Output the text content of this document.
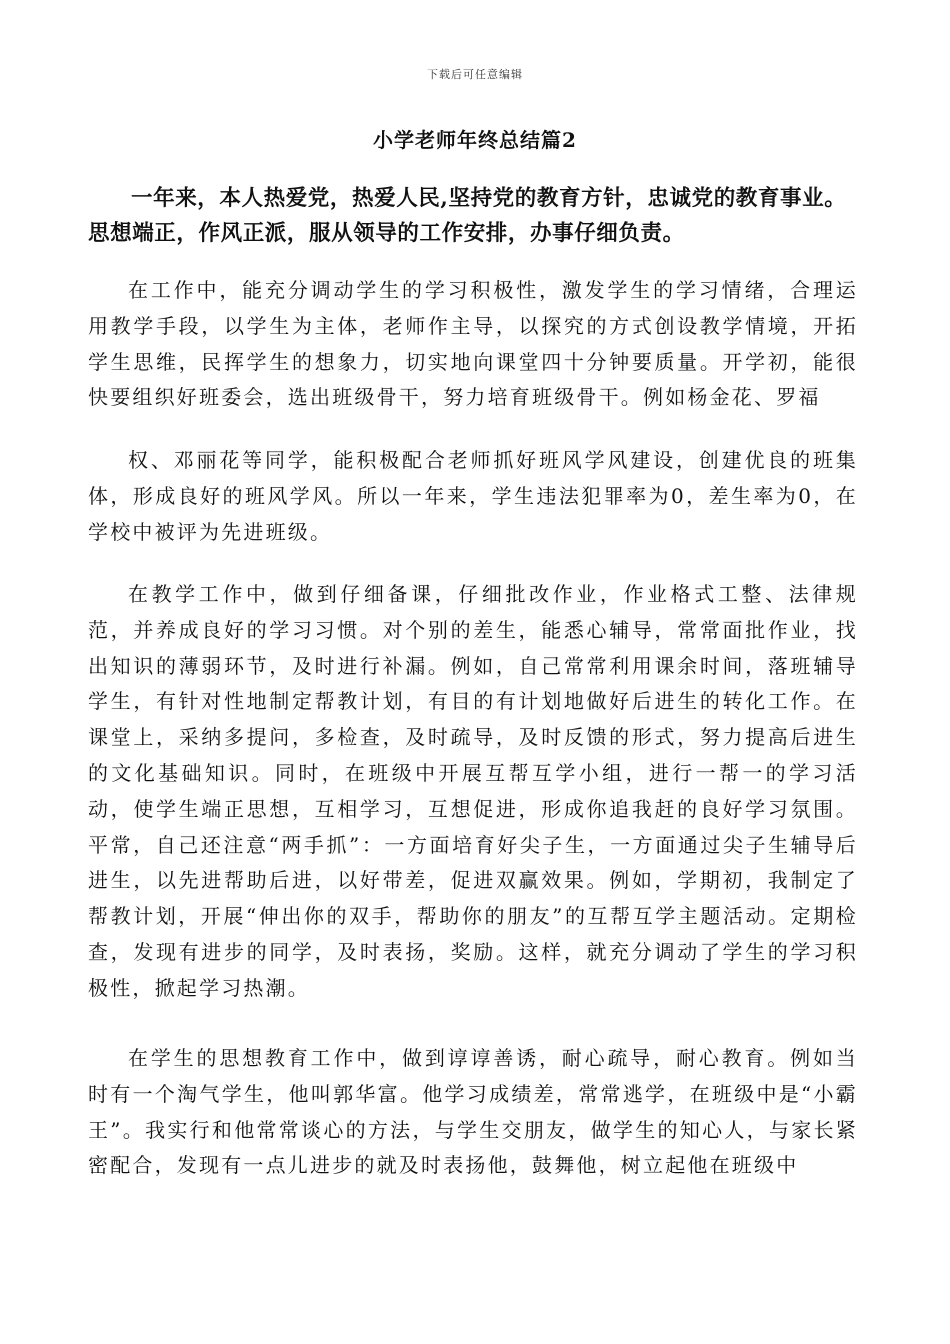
下载后可任意编辑
小学老师年终总结篇2

一年来，本人热爱党，热爱人民,坚持党的教育方针，忠诚党的教育事业。思想端正，作风正派，服从领导的工作安排，办事仔细负责。

在工作中，能充分调动学生的学习积极性，激发学生的学习情绪，合理运用教学手段，以学生为主体，老师作主导，以探究的方式创设教学情境，开拓学生思维，民挥学生的想象力，切实地向课堂四十分钟要质量。开学初，能很快要组织好班委会，选出班级骨干，努力培育班级骨干。例如杨金花、罗福

权、邓丽花等同学，能积极配合老师抓好班风学风建设，创建优良的班集体，形成良好的班风学风。所以一年来，学生违法犯罪率为0，差生率为0，在学校中被评为先进班级。

在教学工作中，做到仔细备课，仔细批改作业，作业格式工整、法律规范，并养成良好的学习习惯。对个别的差生，能悉心辅导，常常面批作业，找出知识的薄弱环节，及时进行补漏。例如，自己常常利用课余时间，落班辅导学生，有针对性地制定帮教计划，有目的有计划地做好后进生的转化工作。在课堂上，采纳多提问，多检查，及时疏导，及时反馈的形式，努力提高后进生的文化基础知识。同时，在班级中开展互帮互学小组，进行一帮一的学习活动，使学生端正思想，互相学习，互想促进，形成你追我赶的良好学习氛围。平常，自己还注意“两手抓”：一方面培育好尖子生，一方面通过尖子生辅导后进生，以先进帮助后进，以好带差，促进双赢效果。例如，学期初，我制定了帮教计划，开展“伸出你的双手，帮助你的朋友”的互帮互学主题活动。定期检查，发现有进步的同学，及时表扬，奖励。这样，就充分调动了学生的学习积极性，掀起学习热潮。

在学生的思想教育工作中，做到谆谆善诱，耐心疏导，耐心教育。例如当时有一个淘气学生，他叫郭华富。他学习成绩差，常常逃学，在班级中是“小霸王”。我实行和他常常谈心的方法，与学生交朋友，做学生的知心人，与家长紧密配合，发现有一点儿进步的就及时表扬他，鼓舞他，树立起他在班级中
